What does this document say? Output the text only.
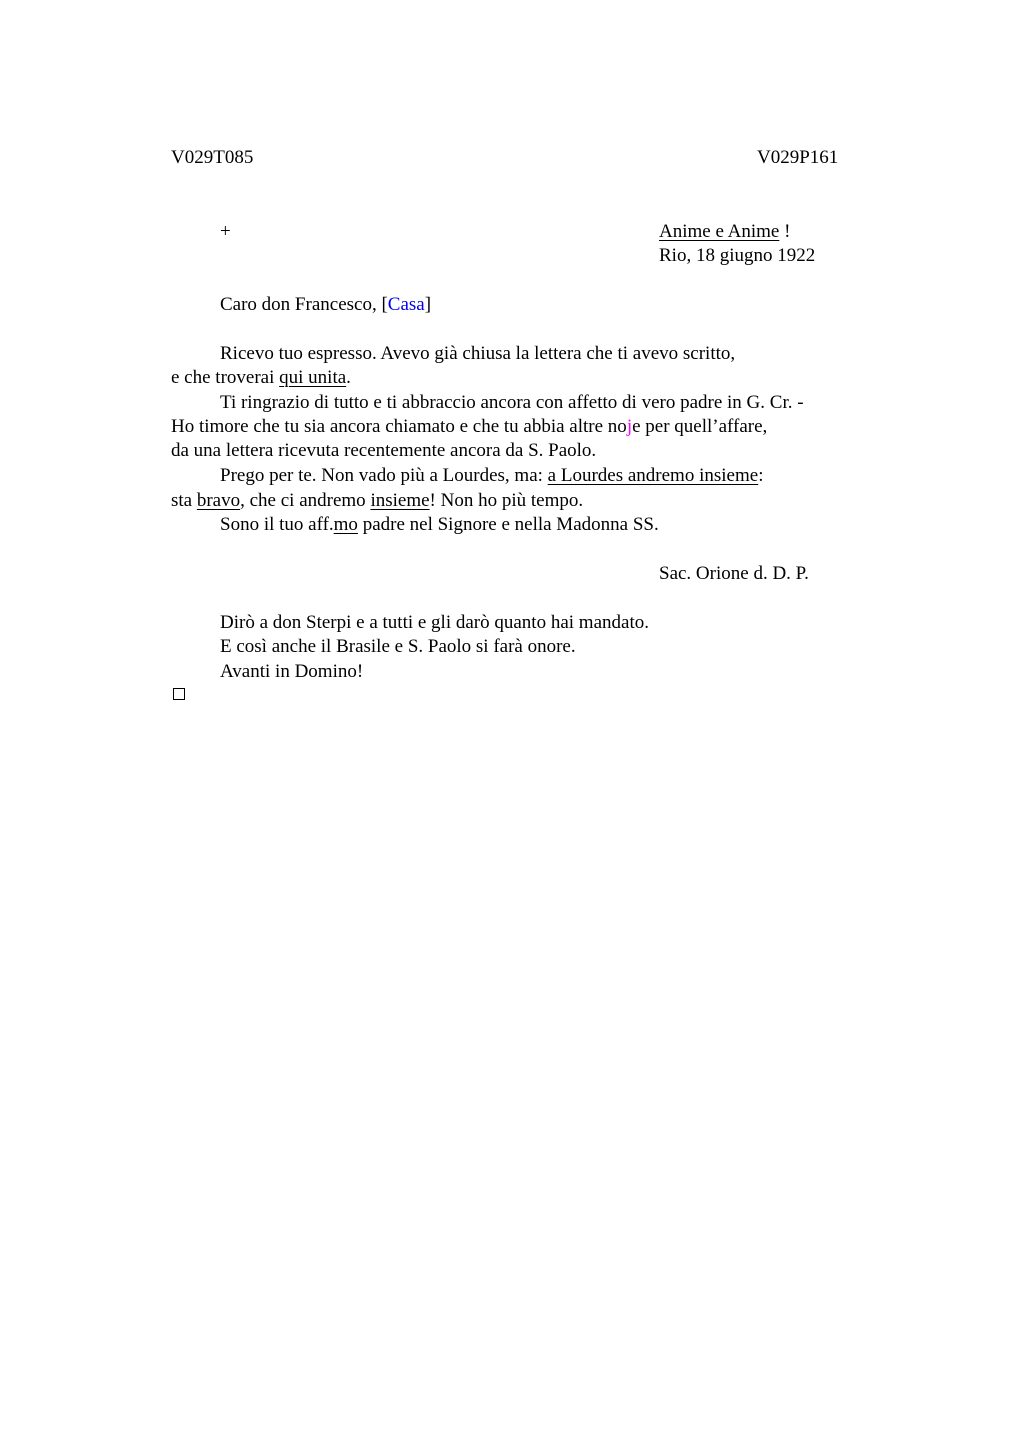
V029T085	V029P161
+	Anime e Anime !
Rio, 18 giugno 1922
Caro don Francesco, [Casa]
Ricevo tuo espresso. Avevo già chiusa la lettera che ti avevo scritto,
e che troverai qui unita.
Ti ringrazio di tutto e ti abbraccio ancora con affetto di vero padre in G. Cr. -
Ho timore che tu sia ancora chiamato e che tu abbia altre noje per quell’affare,
da una lettera ricevuta recentemente ancora da S. Paolo.
Prego per te. Non vado più a Lourdes, ma: a Lourdes andremo insieme:
sta bravo, che ci andremo insieme! Non ho più tempo.
Sono il tuo aff.mo padre nel Signore e nella Madonna SS.
Sac. Orione d. D. P.
Dirò a don Sterpi e a tutti e gli darò quanto hai mandato.
E così anche il Brasile e S. Paolo si farà onore.
Avanti in Domino!
